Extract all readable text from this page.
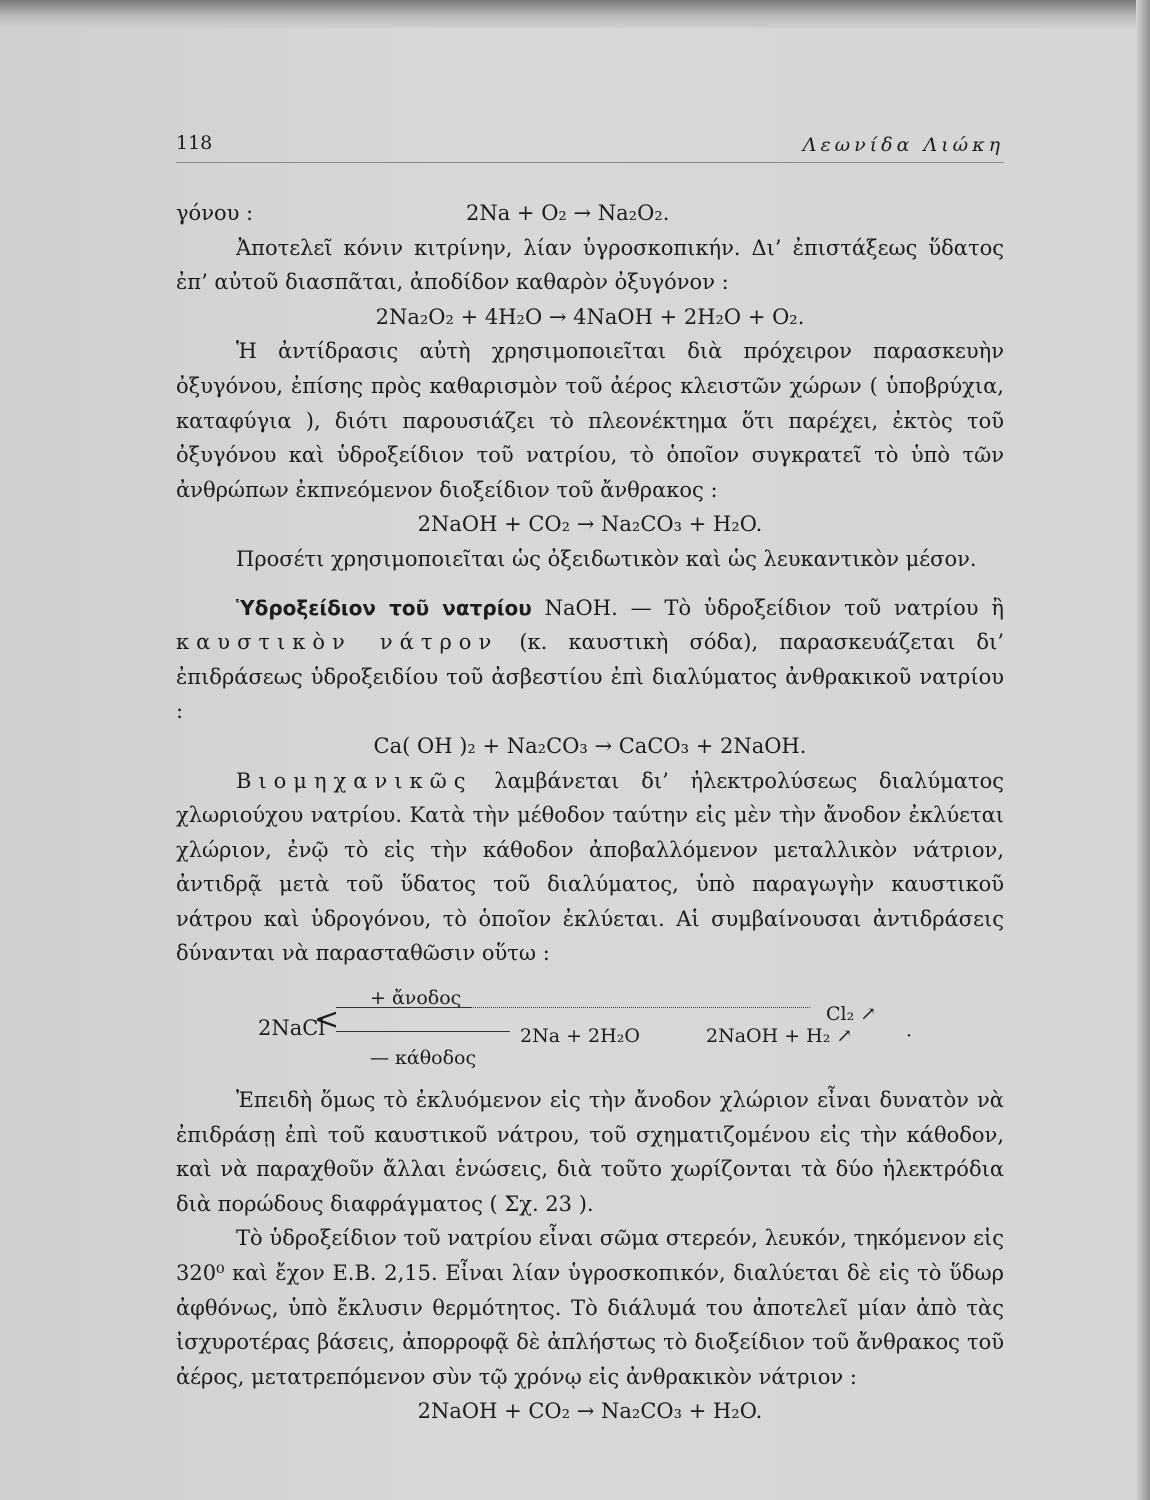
118	Λεωνίδα Λιώκη
γόνου :	2Na + O₂ → Na₂O₂.

Ἀποτελεῖ κόνιν κιτρίνην, λίαν ὑγροσκοπικήν. Δι’ ἐπιστάξεως ὕδατος ἐπ’ αὐτοῦ διασπᾶται, ἀποδίδον καθαρὸν ὀξυγόνον :

2Na₂O₂ + 4H₂O → 4NaOH + 2H₂O + O₂.

Ἡ ἀντίδρασις αὐτὴ χρησιμοποιεῖται διὰ πρόχειρον παρασκευὴν ὀξυγόνου, ἐπίσης πρὸς καθαρισμὸν τοῦ ἀέρος κλειστῶν χώρων ( ὑποβρύχια, καταφύγια ), διότι παρουσιάζει τὸ πλεονέκτημα ὅτι παρέχει, ἐκτὸς τοῦ ὀξυγόνου καὶ ὑδροξείδιον τοῦ νατρίου, τὸ ὁποῖον συγκρατεῖ τὸ ὑπὸ τῶν ἀνθρώπων ἐκπνεόμενον διοξείδιον τοῦ ἄνθρακος :

2NaOH + CO₂ → Na₂CO₃ + H₂O.

Προσέτι χρησιμοποιεῖται ὡς ὀξειδωτικὸν καὶ ὡς λευκαντικὸν μέσον.

Ὑδροξείδιον τοῦ νατρίου NaOH. — Τὸ ὑδροξείδιον τοῦ νατρίου ἢ καυστικὸν νάτρον (κ. καυστικὴ σόδα), παρασκευάζεται δι’ ἐπιδράσεως ὑδροξειδίου τοῦ ἀσβεστίου ἐπὶ διαλύματος ἀνθρακικοῦ νατρίου :

Ca( OH )₂ + Na₂CO₃ → CaCO₃ + 2NaOH.

Βιομηχανικῶς λαμβάνεται δι’ ἠλεκτρολύσεως διαλύματος χλωριούχου νατρίου. Κατὰ τὴν μέθοδον ταύτην εἰς μὲν τὴν ἄνοδον ἐκλύεται χλώριον, ἐνῷ τὸ εἰς τὴν κάθοδον ἀποβαλλόμενον μεταλλικὸν νάτριον, ἀντιδρᾷ μετὰ τοῦ ὕδατος τοῦ διαλύματος, ὑπὸ παραγωγὴν καυστικοῦ νάτρου καὶ ὑδρογόνου, τὸ ὁποῖον ἐκλύεται. Αἱ συμβαίνουσαι ἀντιδράσεις δύνανται νὰ παρασταθῶσιν οὕτω :

2NaCl
<
+ ἄνοδος
Cl₂ ↗
2Na + 2H₂O	2NaOH + H₂ ↗	·
— κάθοδος

Ἐπειδὴ ὅμως τὸ ἐκλυόμενον εἰς τὴν ἄνοδον χλώριον εἶναι δυνατὸν νὰ ἐπιδράσῃ ἐπὶ τοῦ καυστικοῦ νάτρου, τοῦ σχηματιζομένου εἰς τὴν κάθοδον, καὶ νὰ παραχθοῦν ἄλλαι ἑνώσεις, διὰ τοῦτο χωρίζονται τὰ δύο ἠλεκτρόδια διὰ πορώδους διαφράγματος ( Σχ. 23 ).

Τὸ ὑδροξείδιον τοῦ νατρίου εἶναι σῶμα στερεόν, λευκόν, τηκόμενον εἰς 320⁰ καὶ ἔχον Ε.Β. 2,15. Εἶναι λίαν ὑγροσκοπικόν, διαλύεται δὲ εἰς τὸ ὕδωρ ἀφθόνως, ὑπὸ ἔκλυσιν θερμότητος. Τὸ διάλυμά του ἀποτελεῖ μίαν ἀπὸ τὰς ἰσχυροτέρας βάσεις, ἀπορροφᾷ δὲ ἀπλήστως τὸ διοξείδιον τοῦ ἄνθρακος τοῦ ἀέρος, μετατρεπόμενον σὺν τῷ χρόνῳ εἰς ἀνθρακικὸν νάτριον :

2NaOH + CO₂ → Na₂CO₃ + H₂O.
